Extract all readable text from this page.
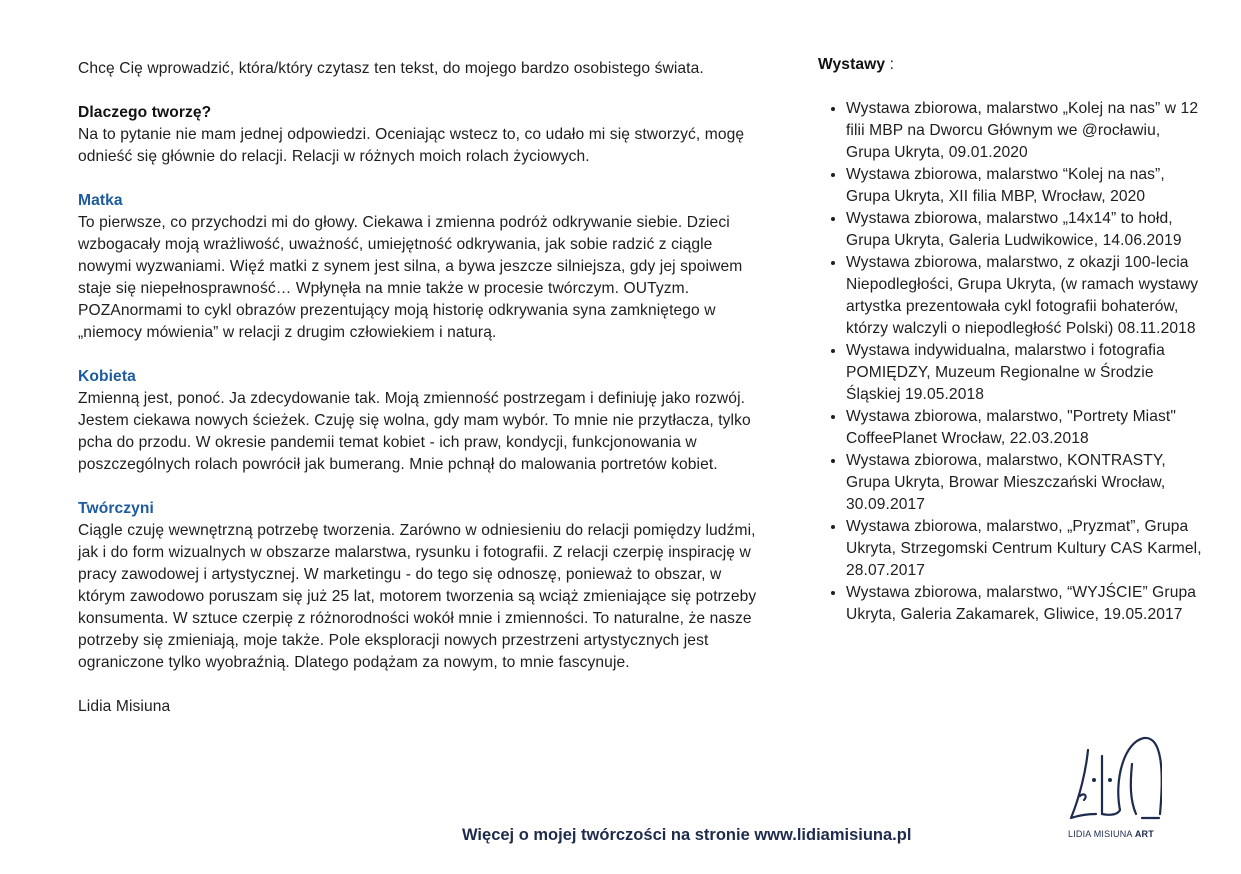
Chcę Cię wprowadzić, która/który czytasz ten tekst, do mojego bardzo osobistego świata.

Dlaczego tworzę?

Na to pytanie nie mam jednej odpowiedzi. Oceniając wstecz to, co udało mi się stworzyć, mogę odnieść się głównie do relacji. Relacji w różnych moich rolach życiowych.

Matka

To pierwsze, co przychodzi mi do głowy. Ciekawa i zmienna podróż odkrywanie siebie. Dzieci wzbogacały moją wrażliwość, uważność, umiejętność odkrywania, jak sobie radzić z ciągle nowymi wyzwaniami. Więź matki z synem jest silna, a bywa jeszcze silniejsza, gdy jej spoiwem staje się niepełnosprawność… Wpłynęła na mnie także w procesie twórczym. OUTyzm. POZAnormami to cykl obrazów prezentujący moją historię odkrywania syna zamkniętego w „niemocy mówienia” w relacji z drugim człowiekiem i naturą.

Kobieta

Zmienną jest, ponoć. Ja zdecydowanie tak. Moją zmienność postrzegam i definiuję jako rozwój. Jestem ciekawa nowych ścieżek. Czuję się wolna, gdy mam wybór. To mnie nie przytłacza, tylko pcha do przodu. W okresie pandemii temat kobiet - ich praw, kondycji, funkcjonowania w poszczególnych rolach powrócił jak bumerang. Mnie pchnął do malowania portretów kobiet.

Twórczyni

Ciągle czuję wewnętrzną potrzebę tworzenia. Zarówno w odniesieniu do relacji pomiędzy ludźmi, jak i do form wizualnych w obszarze malarstwa, rysunku i fotografii. Z relacji czerpię inspirację w pracy zawodowej i artystycznej. W marketingu - do tego się odnoszę, ponieważ to obszar, w którym zawodowo poruszam się już 25 lat, motorem tworzenia są wciąż zmieniające się potrzeby konsumenta. W sztuce czerpię z różnorodności wokół mnie i zmienności. To naturalne, że nasze potrzeby się zmieniają, moje także. Pole eksploracji nowych przestrzeni artystycznych jest ograniczone tylko wyobraźnią. Dlatego podążam za nowym, to mnie fascynuje.

Lidia Misiuna

Wystawy :

• Wystawa zbiorowa, malarstwo „Kolej na nas” w 12 filii MBP na Dworcu Głównym we @rocławiu, Grupa Ukryta, 09.01.2020
• Wystawa zbiorowa, malarstwo “Kolej na nas”, Grupa Ukryta, XII filia MBP, Wrocław, 2020
• Wystawa zbiorowa, malarstwo „14x14” to hołd, Grupa Ukryta, Galeria Ludwikowice, 14.06.2019
• Wystawa zbiorowa, malarstwo, z okazji 100-lecia Niepodległości, Grupa Ukryta, (w ramach wystawy artystka prezentowała cykl fotografii bohaterów, którzy walczyli o niepodległość Polski) 08.11.2018
• Wystawa indywidualna, malarstwo i fotografia POMIĘDZY, Muzeum Regionalne w Środzie Śląskiej 19.05.2018
• Wystawa zbiorowa, malarstwo, "Portrety Miast" CoffeePlanet Wrocław, 22.03.2018
• Wystawa zbiorowa, malarstwo, KONTRASTY, Grupa Ukryta, Browar Mieszczański Wrocław, 30.09.2017
• Wystawa zbiorowa, malarstwo, „Pryzmat”, Grupa Ukryta, Strzegomski Centrum Kultury CAS Karmel, 28.07.2017
• Wystawa zbiorowa, malarstwo, “WYJŚCIE” Grupa Ukryta, Galeria Zakamarek, Gliwice, 19.05.2017
Więcej o mojej twórczości na stronie www.lidiamisiuna.pl	LIDIA MISIUNA ART
